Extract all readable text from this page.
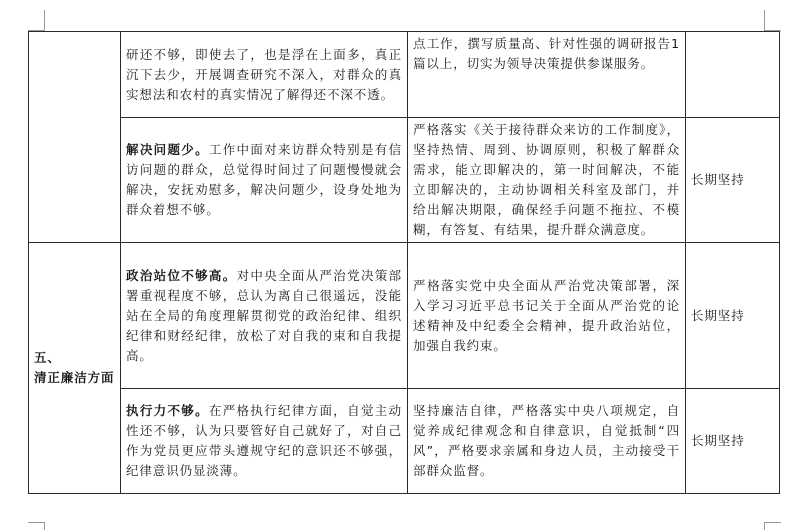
	研还不够，即使去了，也是浮在上面多，真正沉下去少，开展调查研究不深入，对群众的真实想法和农村的真实情况了解得还不深不透。	点工作，撰写质量高、针对性强的调研报告1篇以上，切实为领导决策提供参谋服务。	
	解决问题少。工作中面对来访群众特别是有信访问题的群众，总觉得时间过了问题慢慢就会解决，安抚劝慰多，解决问题少，设身处地为群众着想不够。	严格落实《关于接待群众来访的工作制度》，坚持热情、周到、协调原则，积极了解群众需求，能立即解决的，第一时间解决，不能立即解决的，主动协调相关科室及部门，并给出解决期限，确保经手问题不拖拉、不模糊，有答复、有结果，提升群众满意度。	长期坚持

五、
清正廉洁方面	政治站位不够高。对中央全面从严治党决策部署重视程度不够，总认为离自己很遥远，没能站在全局的角度理解贯彻党的政治纪律、组织纪律和财经纪律，放松了对自我的束和自我提高。	严格落实党中央全面从严治党决策部署，深入学习习近平总书记关于全面从严治党的论述精神及中纪委全会精神，提升政治站位，加强自我约束。	长期坚持
	执行力不够。在严格执行纪律方面，自觉主动性还不够，认为只要管好自己就好了，对自己作为党员更应带头遵规守纪的意识还不够强，纪律意识仍显淡薄。	坚持廉洁自律，严格落实中央八项规定，自觉养成纪律观念和自律意识，自觉抵制“四风”，严格要求亲属和身边人员，主动接受干部群众监督。	长期坚持
